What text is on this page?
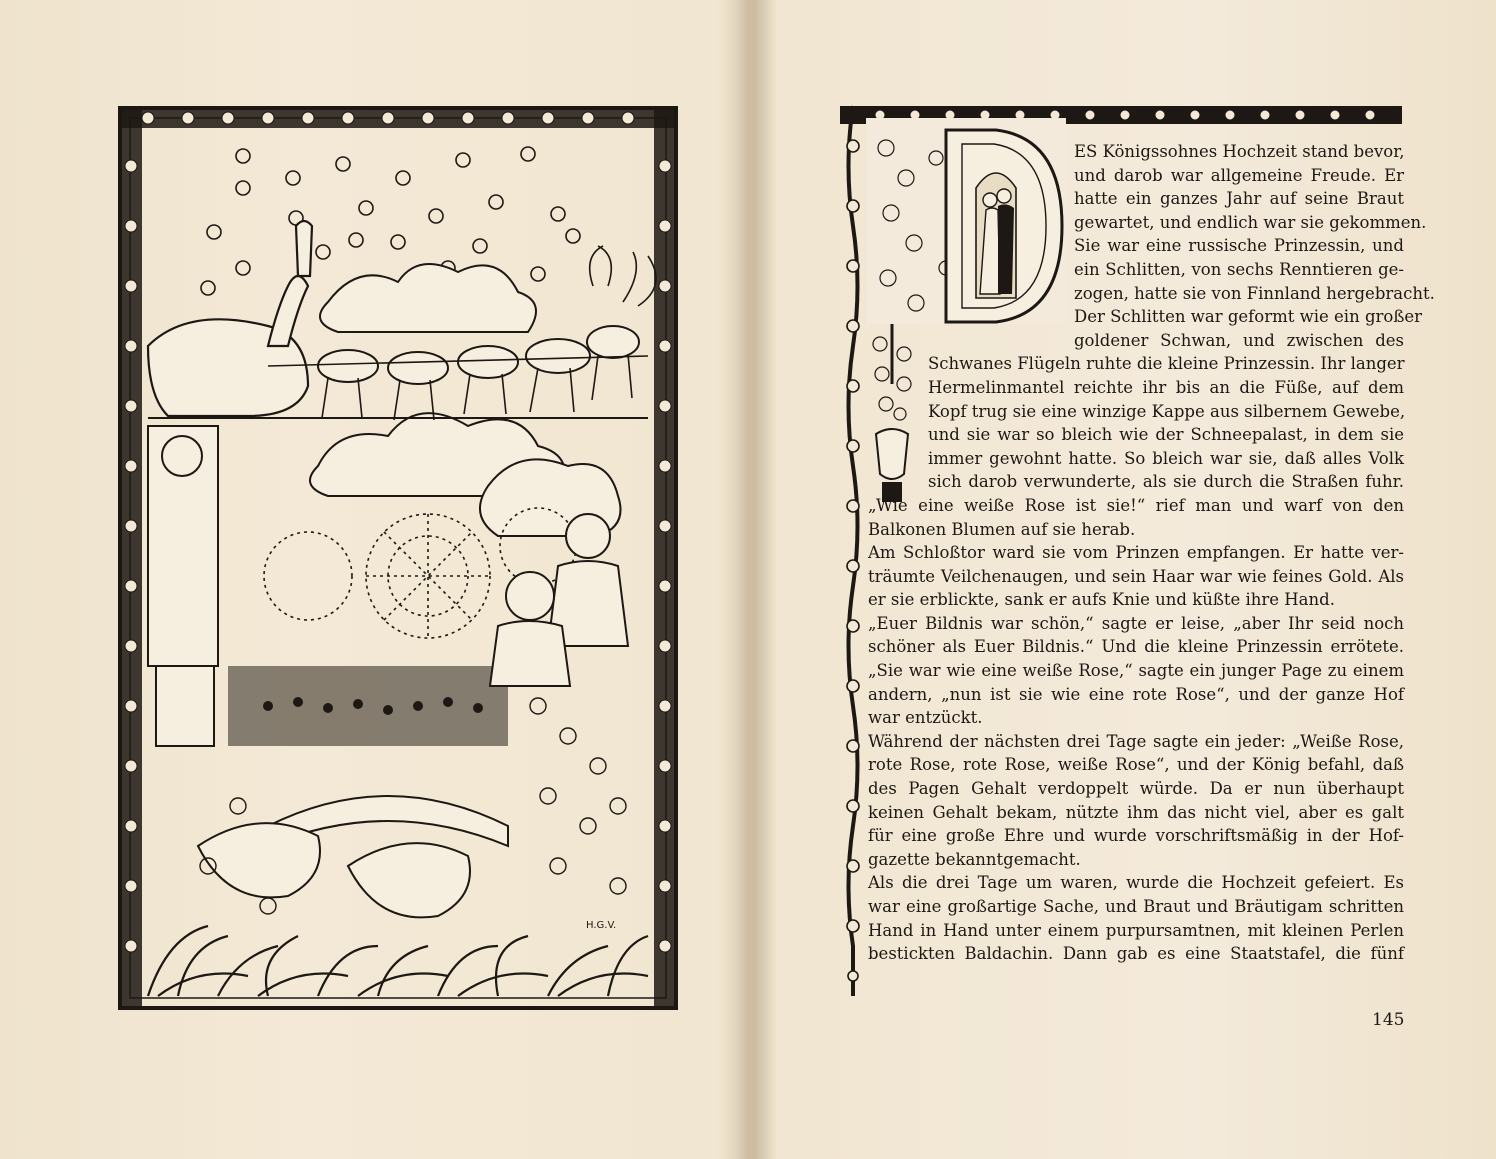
H.G.V.
D
ES Königssohnes Hochzeit stand bevor,
und darob war allgemeine Freude. Er
hatte ein ganzes Jahr auf seine Braut
gewartet, und endlich war sie gekommen.
Sie war eine russische Prinzessin, und
ein Schlitten, von sechs Renntieren ge-
zogen, hatte sie von Finnland hergebracht.
Der Schlitten war geformt wie ein großer
goldener Schwan, und zwischen des
Schwanes Flügeln ruhte die kleine Prinzessin. Ihr langer
Hermelinmantel reichte ihr bis an die Füße, auf dem
Kopf trug sie eine winzige Kappe aus silbernem Gewebe,
und sie war so bleich wie der Schneepalast, in dem sie
immer gewohnt hatte. So bleich war sie, daß alles Volk
sich darob verwunderte, als sie durch die Straßen fuhr.
„Wie eine weiße Rose ist sie!“ rief man und warf von den
Balkonen Blumen auf sie herab.
Am Schloßtor ward sie vom Prinzen empfangen. Er hatte ver-
träumte Veilchenaugen, und sein Haar war wie feines Gold. Als
er sie erblickte, sank er aufs Knie und küßte ihre Hand.
„Euer Bildnis war schön,“ sagte er leise, „aber Ihr seid noch
schöner als Euer Bildnis.“ Und die kleine Prinzessin errötete.
„Sie war wie eine weiße Rose,“ sagte ein junger Page zu einem
andern, „nun ist sie wie eine rote Rose“, und der ganze Hof
war entzückt.
Während der nächsten drei Tage sagte ein jeder: „Weiße Rose,
rote Rose, rote Rose, weiße Rose“, und der König befahl, daß
des Pagen Gehalt verdoppelt würde. Da er nun überhaupt
keinen Gehalt bekam, nützte ihm das nicht viel, aber es galt
für eine große Ehre und wurde vorschriftsmäßig in der Hof-
gazette bekanntgemacht.
Als die drei Tage um waren, wurde die Hochzeit gefeiert. Es
war eine großartige Sache, und Braut und Bräutigam schritten
Hand in Hand unter einem purpursamtnen, mit kleinen Perlen
bestickten Baldachin. Dann gab es eine Staatstafel, die fünf
145
